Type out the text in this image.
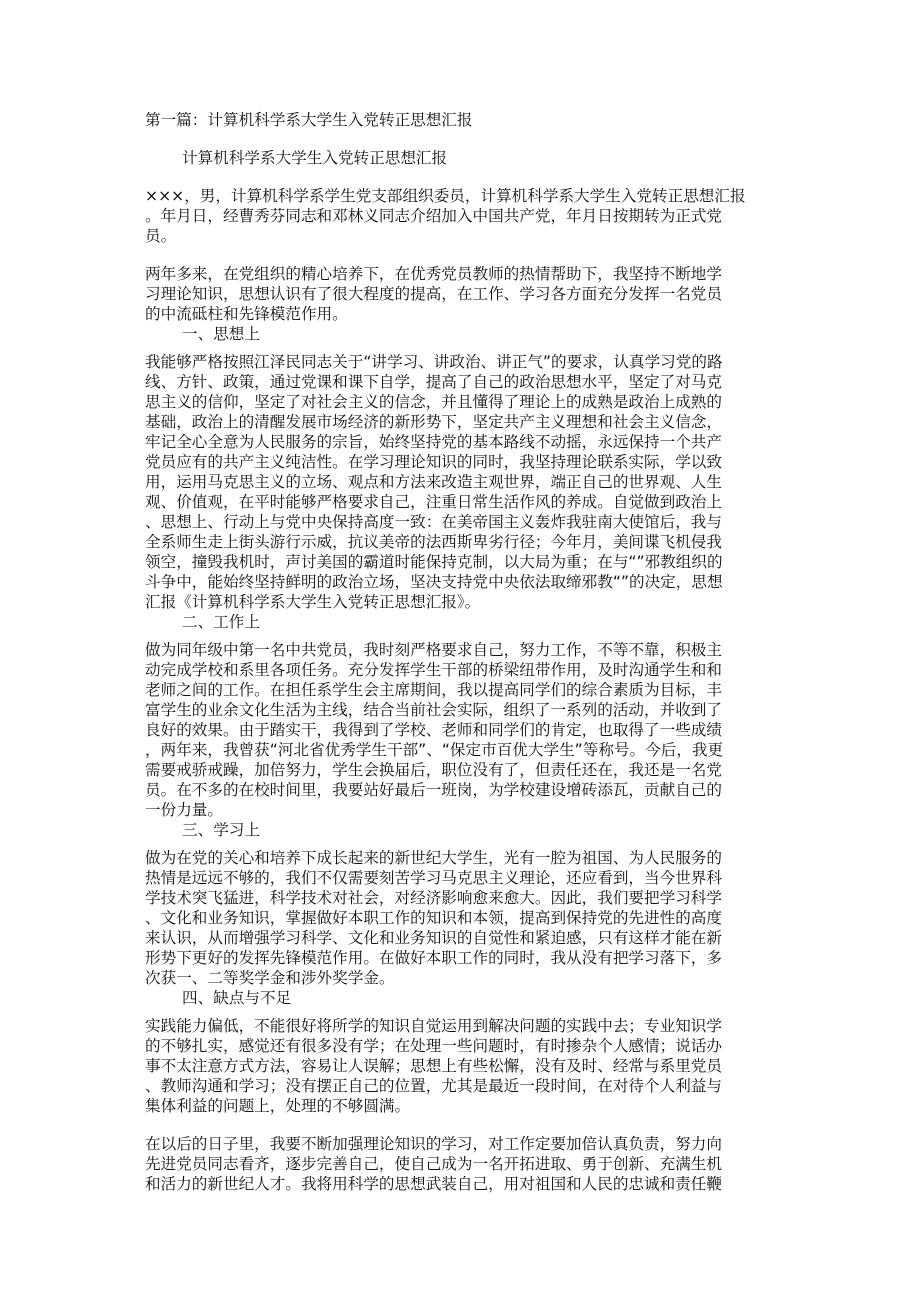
第一篇：计算机科学系大学生入党转正思想汇报
计算机科学系大学生入党转正思想汇报
×××，男，计算机科学系学生党支部组织委员，计算机科学系大学生入党转正思想汇报
。年月日，经曹秀芬同志和邓林义同志介绍加入中国共产党，年月日按期转为正式党
员。
两年多来，在党组织的精心培养下，在优秀党员教师的热情帮助下，我坚持不断地学
习理论知识，思想认识有了很大程度的提高，在工作、学习各方面充分发挥一名党员
的中流砥柱和先锋模范作用。
一、思想上
我能够严格按照江泽民同志关于“讲学习、讲政治、讲正气”的要求，认真学习党的路
线、方针、政策，通过党课和课下自学，提高了自己的政治思想水平，坚定了对马克
思主义的信仰，坚定了对社会主义的信念，并且懂得了理论上的成熟是政治上成熟的
基础，政治上的清醒发展市场经济的新形势下，坚定共产主义理想和社会主义信念，
牢记全心全意为人民服务的宗旨，始终坚持党的基本路线不动摇，永远保持一个共产
党员应有的共产主义纯洁性。在学习理论知识的同时，我坚持理论联系实际，学以致
用，运用马克思主义的立场、观点和方法来改造主观世界，端正自己的世界观、人生
观、价值观，在平时能够严格要求自己，注重日常生活作风的养成。自觉做到政治上
、思想上、行动上与党中央保持高度一致：在美帝国主义轰炸我驻南大使馆后，我与
全系师生走上街头游行示威，抗议美帝的法西斯卑劣行径；今年月，美间谍飞机侵我
领空，撞毁我机时，声讨美国的霸道时能保持克制，以大局为重；在与“”邪教组织的
斗争中，能始终坚持鲜明的政治立场，坚决支持党中央依法取缔邪教“”的决定，思想
汇报《计算机科学系大学生入党转正思想汇报》。
二、工作上
做为同年级中第一名中共党员，我时刻严格要求自己，努力工作，不等不靠，积极主
动完成学校和系里各项任务。充分发挥学生干部的桥梁纽带作用，及时沟通学生和和
老师之间的工作。在担任系学生会主席期间，我以提高同学们的综合素质为目标，丰
富学生的业余文化生活为主线，结合当前社会实际，组织了一系列的活动，并收到了
良好的效果。由于踏实干，我得到了学校、老师和同学们的肯定，也取得了一些成绩
，两年来，我曾获“河北省优秀学生干部”、“保定市百优大学生”等称号。今后，我更
需要戒骄戒躁，加倍努力，学生会换届后，职位没有了，但责任还在，我还是一名党
员。在不多的在校时间里，我要站好最后一班岗，为学校建设增砖添瓦，贡献自己的
一份力量。
三、学习上
做为在党的关心和培养下成长起来的新世纪大学生，光有一腔为祖国、为人民服务的
热情是远远不够的，我们不仅需要刻苦学习马克思主义理论，还应看到，当今世界科
学技术突飞猛进，科学技术对社会，对经济影响愈来愈大。因此，我们要把学习科学
、文化和业务知识，掌握做好本职工作的知识和本领，提高到保持党的先进性的高度
来认识，从而增强学习科学、文化和业务知识的自觉性和紧迫感，只有这样才能在新
形势下更好的发挥先锋模范作用。在做好本职工作的同时，我从没有把学习落下，多
次获一、二等奖学金和涉外奖学金。
四、缺点与不足
实践能力偏低，不能很好将所学的知识自觉运用到解决问题的实践中去；专业知识学
的不够扎实，感觉还有很多没有学；在处理一些问题时，有时掺杂个人感情；说话办
事不太注意方式方法，容易让人误解；思想上有些松懈，没有及时、经常与系里党员
、教师沟通和学习；没有摆正自己的位置，尤其是最近一段时间，在对待个人利益与
集体利益的问题上，处理的不够圆满。
在以后的日子里，我要不断加强理论知识的学习，对工作定要加倍认真负责，努力向
先进党员同志看齐，逐步完善自己，使自己成为一名开拓进取、勇于创新、充满生机
和活力的新世纪人才。我将用科学的思想武装自己，用对祖国和人民的忠诚和责任鞭
